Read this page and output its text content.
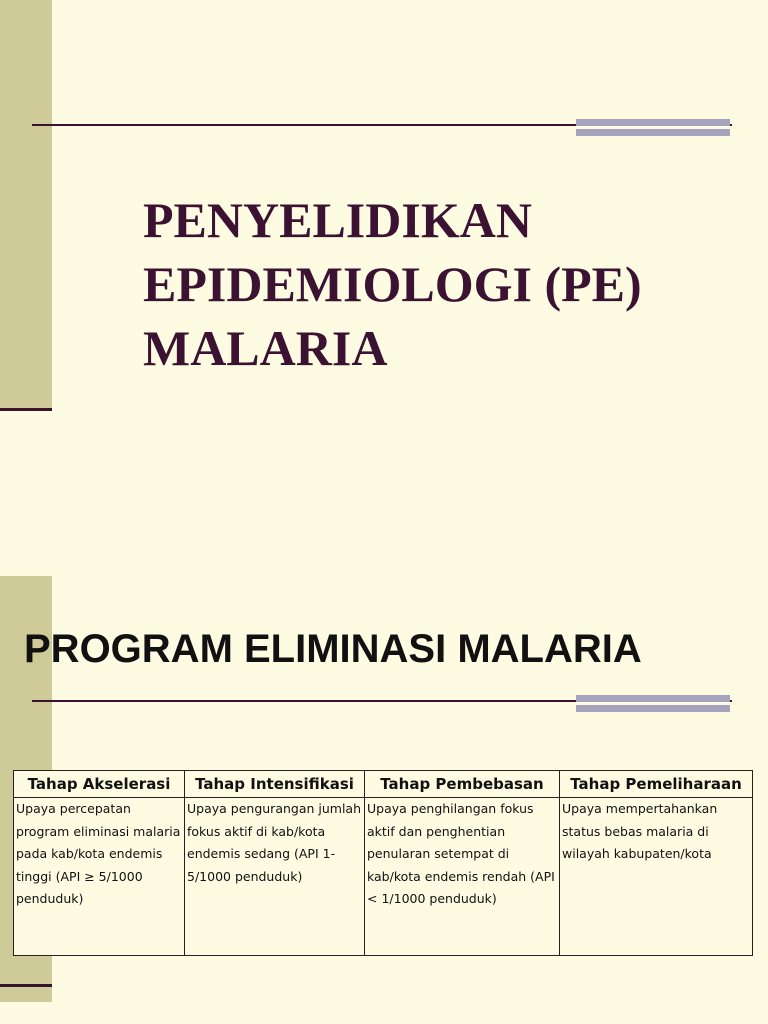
PENYELIDIKAN
EPIDEMIOLOGI (PE)
MALARIA
PROGRAM ELIMINASI MALARIA
Tahap Akselerasi	Tahap Intensifikasi	Tahap Pembebasan	Tahap Pemeliharaan
Upaya percepatan program eliminasi malaria pada kab/kota endemis tinggi (API ≥ 5/1000 penduduk)	Upaya pengurangan jumlah fokus aktif di kab/kota endemis sedang (API 1-5/1000 penduduk)	Upaya penghilangan fokus aktif dan penghentian penularan setempat di kab/kota endemis rendah (API < 1/1000 penduduk)	Upaya mempertahankan status bebas malaria di wilayah kabupaten/kota
